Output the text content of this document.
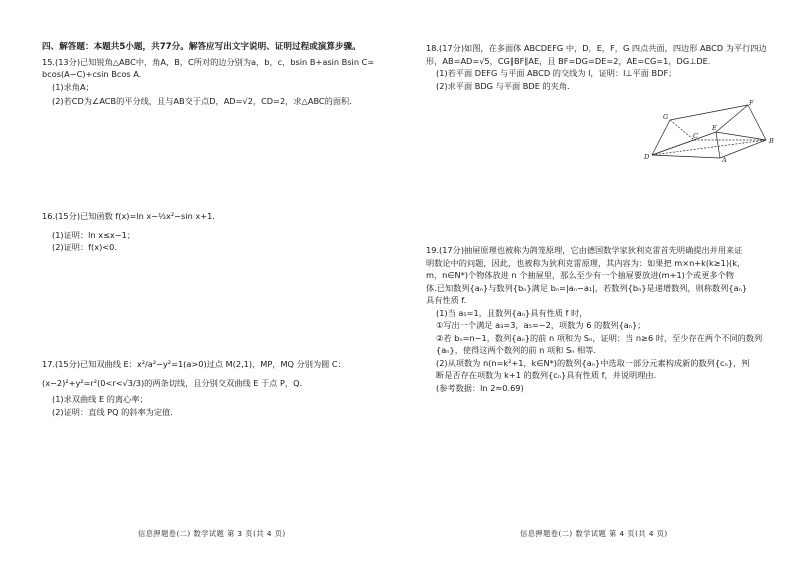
四、解答题：本题共5小题，共77分。解答应写出文字说明、证明过程或演算步骤。
15.(13分)已知锐角△ABC中，角A，B，C所对的边分别为a，b，c，bsin B+asin Bsin C=
bcos(A−C)+csin Bcos A.
(1)求角A；
(2)若CD为∠ACB的平分线，且与AB交于点D，AD=√2，CD=2，求△ABC的面积.
16.(15分)已知函数 f(x)=ln x−½x²−sin x+1.
(1)证明：ln x≤x−1；
(2)证明：f(x)<0.
17.(15分)已知双曲线 E：x²/a²−y²=1(a>0)过点 M(2,1)，MP，MQ 分别为圆 C：
(x−2)²+y²=r²(0<r<√3/3)的两条切线，且分别交双曲线 E 于点 P，Q.
(1)求双曲线 E 的离心率；
(2)证明：直线 PQ 的斜率为定值.
信息押题卷(二) 数学试题 第 3 页(共 4 页)
18.(17分)如图，在多面体 ABCDEFG 中，D，E，F，G 四点共面，四边形 ABCD 为平行四边
形，AB=AD=√5，CG∥BF∥AE，且 BF=DG=DE=2，AE=CG=1，DG⊥DE.
(1)若平面 DEFG 与平面 ABCD 的交线为 l，证明：l⊥平面 BDF；
(2)求平面 BDG 与平面 BDE 的夹角.
D	A
B
C
E
F
G
19.(17分)抽屉原理也被称为鸽笼原理，它由德国数学家狄利克雷首先明确提出并用来证
明数论中的问题，因此，也被称为狄利克雷原理，其内容为：如果把 m×n+k(k≥1)(k，
m，n∈N*)个物体放进 n 个抽屉里，那么至少有一个抽屉要放进(m+1)个或更多个物
体.已知数列{aₙ}与数列{bₙ}满足 bₙ=|aₙ−a₁|，若数列{bₙ}是递增数列，则称数列{aₙ}
具有性质 f.
(1)当 a₁=1，且数列{aₙ}具有性质 f 时，
①写出一个满足 a₃=3，a₅=−2，项数为 6 的数列{aₙ}；
②若 bₙ=n−1，数列{aₙ}的前 n 项和为 Sₙ，证明：当 n≥6 时，至少存在两个不同的数列
{aₙ}，使得这两个数列的前 n 项和 Sₙ 相等.
(2)从项数为 n(n=k²+1，k∈N*)的数列{aₙ}中选取一部分元素构成新的数列{cₙ}，判
断是否存在项数为 k+1 的数列{cₙ}具有性质 f，并说明理由.
(参考数据：ln 2≈0.69)
信息押题卷(二) 数学试题 第 4 页(共 4 页)
